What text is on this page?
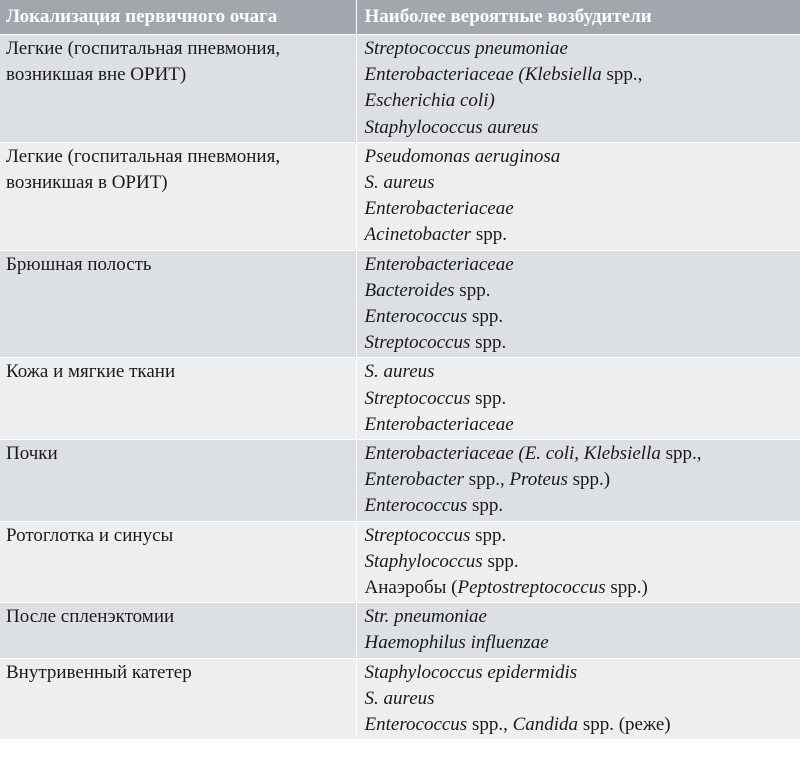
Локализация первичного очага	Наиболее вероятные возбудители

Легкие (госпитальная пневмония,
возникшая вне ОРИТ)	Streptococcus pneumoniae
Enterobacteriaceae (Klebsiella spp.,
Escherichia coli)
Staphylococcus aureus

Легкие (госпитальная пневмония,
возникшая в ОРИТ)	Pseudomonas aeruginosa
S. aureus
Enterobacteriaceae
Acinetobacter spp.

Брюшная полость	Enterobacteriaceae
Bacteroides spp.
Enterococcus spp.
Streptococcus spp.

Кожа и мягкие ткани	S. aureus
Streptococcus spp.
Enterobacteriaceae

Почки	Enterobacteriaceae (E. coli, Klebsiella spp.,
Enterobacter spp., Proteus spp.)
Enterococcus spp.

Ротоглотка и синусы	Streptococcus spp.
Staphylococcus spp.
Анаэробы (Peptostreptococcus spp.)

После спленэктомии	Str. pneumoniae
Haemophilus influenzae

Внутривенный катетер	Staphylococcus epidermidis
S. aureus
Enterococcus spp., Candida spp. (реже)
